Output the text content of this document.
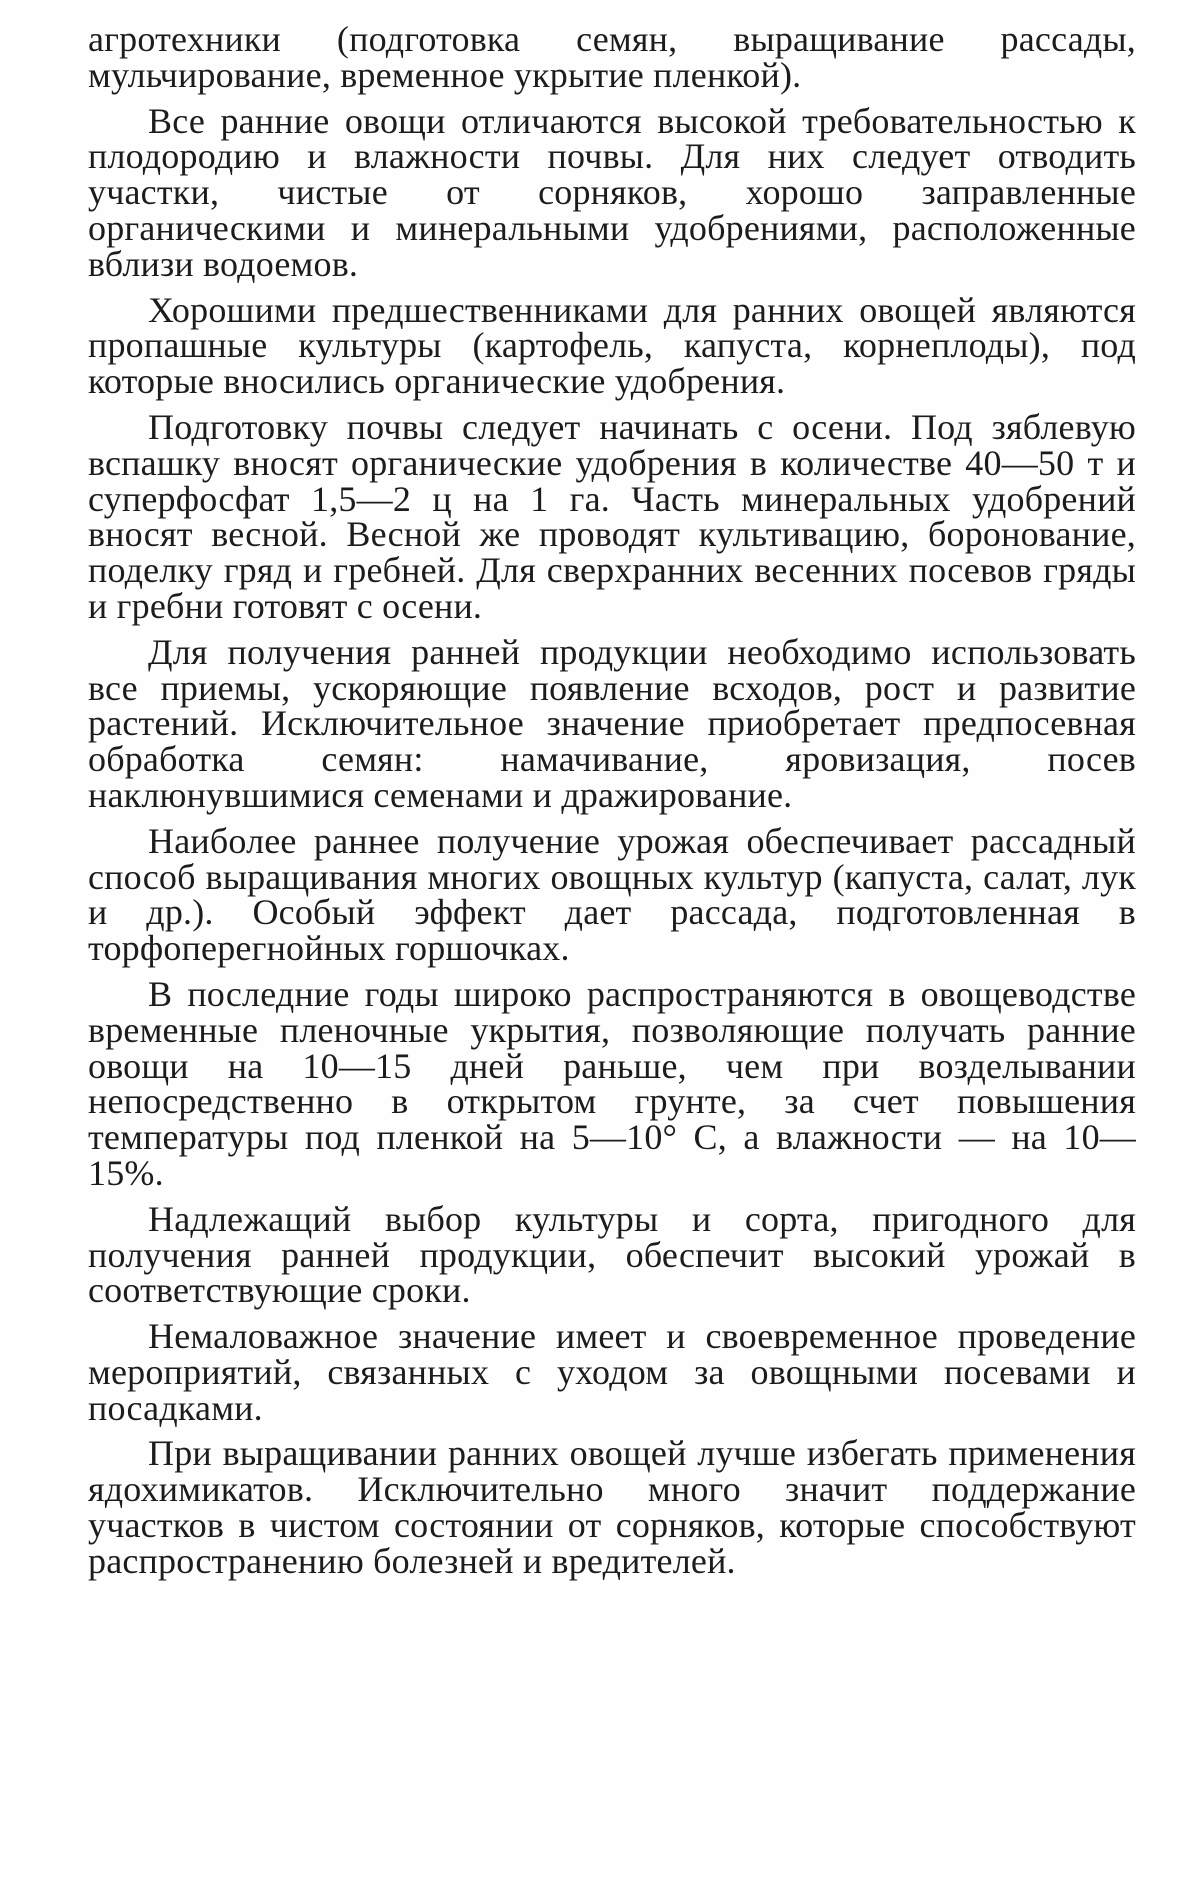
агротехники (подготовка семян, выращивание рассады, мульчирование, временное укрытие пленкой).

Все ранние овощи отличаются высокой требовательностью к плодородию и влажности почвы. Для них следует отводить участки, чистые от сорняков, хорошо заправленные органическими и минеральными удобрениями, расположенные вблизи водоемов.

Хорошими предшественниками для ранних овощей являются пропашные культуры (картофель, капуста, корнеплоды), под которые вносились органические удобрения.

Подготовку почвы следует начинать с осени. Под зяблевую вспашку вносят органические удобрения в количестве 40—50 т и суперфосфат 1,5—2 ц на 1 га. Часть минеральных удобрений вносят весной. Весной же проводят культивацию, боронование, поделку гряд и гребней. Для сверхранних весенних посевов гряды и гребни готовят с осени.

Для получения ранней продукции необходимо использовать все приемы, ускоряющие появление всходов, рост и развитие растений. Исключительное значение приобретает предпосевная обработка семян: намачивание, яровизация, посев наклюнувшимися семенами и дражирование.

Наиболее раннее получение урожая обеспечивает рассадный способ выращивания многих овощных культур (капуста, салат, лук и др.). Особый эффект дает рассада, подготовленная в торфоперегнойных горшочках.

В последние годы широко распространяются в овощеводстве временные пленочные укрытия, позволяющие получать ранние овощи на 10—15 дней раньше, чем при возделывании непосредственно в открытом грунте, за счет повышения температуры под пленкой на 5—10° С, а влажности — на 10—15%.

Надлежащий выбор культуры и сорта, пригодного для получения ранней продукции, обеспечит высокий урожай в соответствующие сроки.

Немаловажное значение имеет и своевременное проведение мероприятий, связанных с уходом за овощными посевами и посадками.

При выращивании ранних овощей лучше избегать применения ядохимикатов. Исключительно много значит поддержание участков в чистом состоянии от сорняков, которые способствуют распространению болезней и вредителей.
